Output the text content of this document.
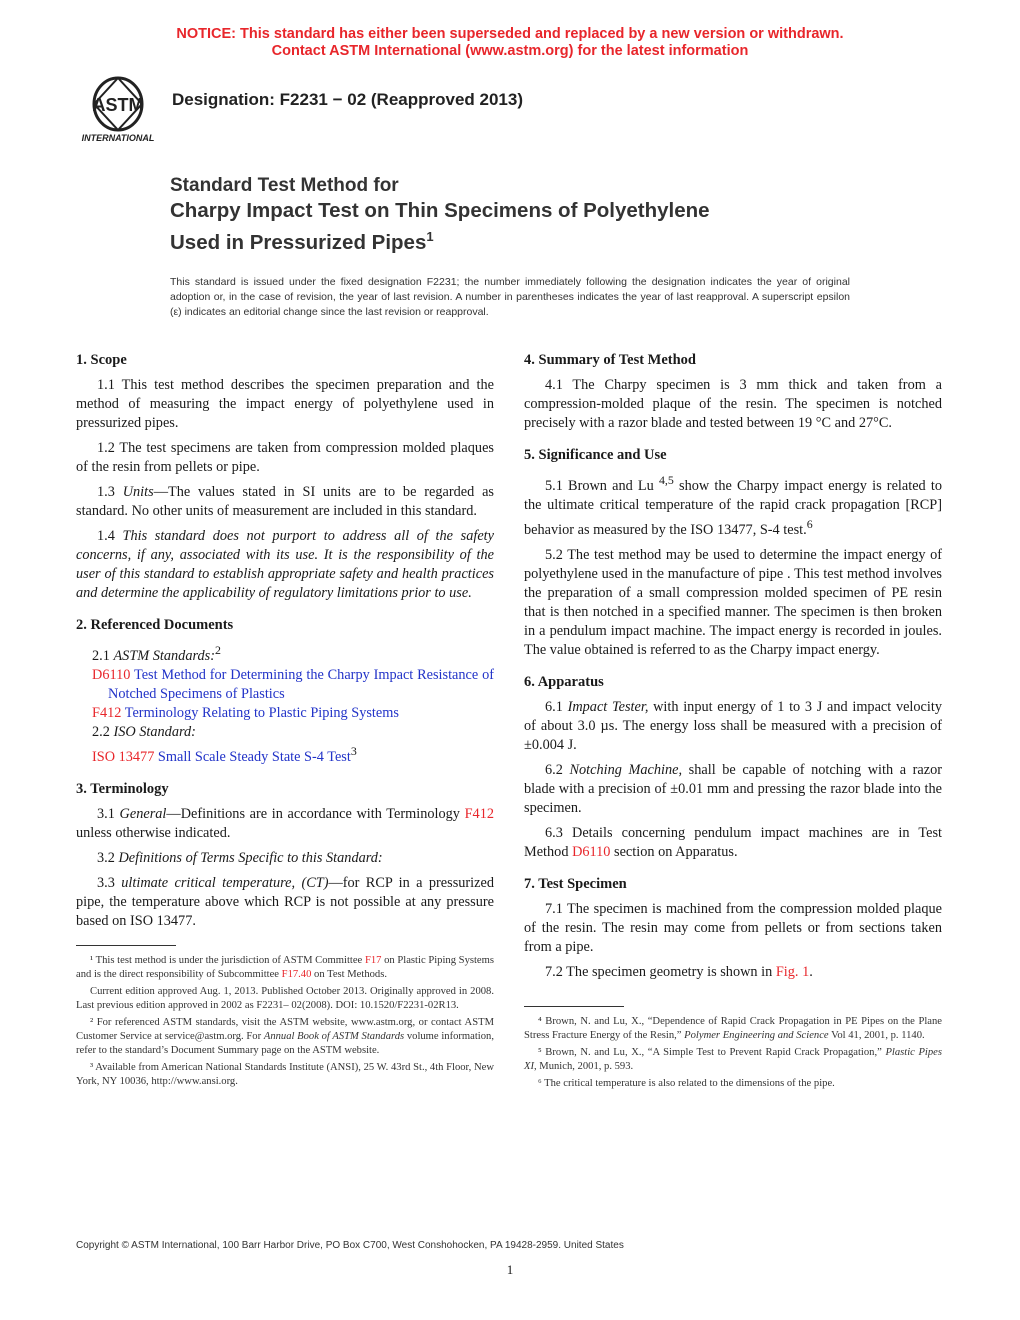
NOTICE: This standard has either been superseded and replaced by a new version or withdrawn.
Contact ASTM International (www.astm.org) for the latest information
ASTM
INTERNATIONAL
Designation: F2231 − 02 (Reapproved 2013)
Standard Test Method for
Charpy Impact Test on Thin Specimens of Polyethylene
Used in Pressurized Pipes$^1$
This standard is issued under the fixed designation F2231; the number immediately following the designation indicates the year of original adoption or, in the case of revision, the year of last revision. A number in parentheses indicates the year of last reapproval. A superscript epsilon (ε) indicates an editorial change since the last revision or reapproval.
1. Scope

1.1 This test method describes the specimen preparation and the method of measuring the impact energy of polyethylene used in pressurized pipes.

1.2 The test specimens are taken from compression molded plaques of the resin from pellets or pipe.

1.3 Units—The values stated in SI units are to be regarded as standard. No other units of measurement are included in this standard.

1.4 This standard does not purport to address all of the safety concerns, if any, associated with its use. It is the responsibility of the user of this standard to establish appropriate safety and health practices and determine the applicability of regulatory limitations prior to use.

2. Referenced Documents

2.1 ASTM Standards:$^2$

D6110 Test Method for Determining the Charpy Impact Resistance of Notched Specimens of Plastics

F412 Terminology Relating to Plastic Piping Systems

2.2 ISO Standard:

ISO 13477 Small Scale Steady State S-4 Test$^3$

3. Terminology

3.1 General—Definitions are in accordance with Terminology F412 unless otherwise indicated.

3.2 Definitions of Terms Specific to this Standard:

3.3 ultimate critical temperature, (CT)—for RCP in a pressurized pipe, the temperature above which RCP is not possible at any pressure based on ISO 13477.

¹ This test method is under the jurisdiction of ASTM Committee F17 on Plastic Piping Systems and is the direct responsibility of Subcommittee F17.40 on Test Methods.

Current edition approved Aug. 1, 2013. Published October 2013. Originally approved in 2008. Last previous edition approved in 2002 as F2231– 02(2008). DOI: 10.1520/F2231-02R13.

² For referenced ASTM standards, visit the ASTM website, www.astm.org, or contact ASTM Customer Service at service@astm.org. For Annual Book of ASTM Standards volume information, refer to the standard’s Document Summary page on the ASTM website.

³ Available from American National Standards Institute (ANSI), 25 W. 43rd St., 4th Floor, New York, NY 10036, http://www.ansi.org.

4. Summary of Test Method

4.1 The Charpy specimen is 3 mm thick and taken from a compression-molded plaque of the resin. The specimen is notched precisely with a razor blade and tested between 19 °C and 27°C.

5. Significance and Use

5.1 Brown and Lu $^{4,5}$ show the Charpy impact energy is related to the ultimate critical temperature of the rapid crack propagation [RCP] behavior as measured by the ISO 13477, S-4 test.$^6$

5.2 The test method may be used to determine the impact energy of polyethylene used in the manufacture of pipe . This test method involves the preparation of a small compression molded specimen of PE resin that is then notched in a specified manner. The specimen is then broken in a pendulum impact machine. The impact energy is recorded in joules. The value obtained is referred to as the Charpy impact energy.

6. Apparatus

6.1 Impact Tester, with input energy of 1 to 3 J and impact velocity of about 3.0 µs. The energy loss shall be measured with a precision of ±0.004 J.

6.2 Notching Machine, shall be capable of notching with a razor blade with a precision of ±0.01 mm and pressing the razor blade into the specimen.

6.3 Details concerning pendulum impact machines are in Test Method D6110 section on Apparatus.

7. Test Specimen

7.1 The specimen is machined from the compression molded plaque of the resin. The resin may come from pellets or from sections taken from a pipe.

7.2 The specimen geometry is shown in Fig. 1.

⁴ Brown, N. and Lu, X., “Dependence of Rapid Crack Propagation in PE Pipes on the Plane Stress Fracture Energy of the Resin,” Polymer Engineering and Science Vol 41, 2001, p. 1140.

⁵ Brown, N. and Lu, X., “A Simple Test to Prevent Rapid Crack Propagation,” Plastic Pipes XI, Munich, 2001, p. 593.

⁶ The critical temperature is also related to the dimensions of the pipe.

Copyright © ASTM International, 100 Barr Harbor Drive, PO Box C700, West Conshohocken, PA 19428-2959. United States
1
